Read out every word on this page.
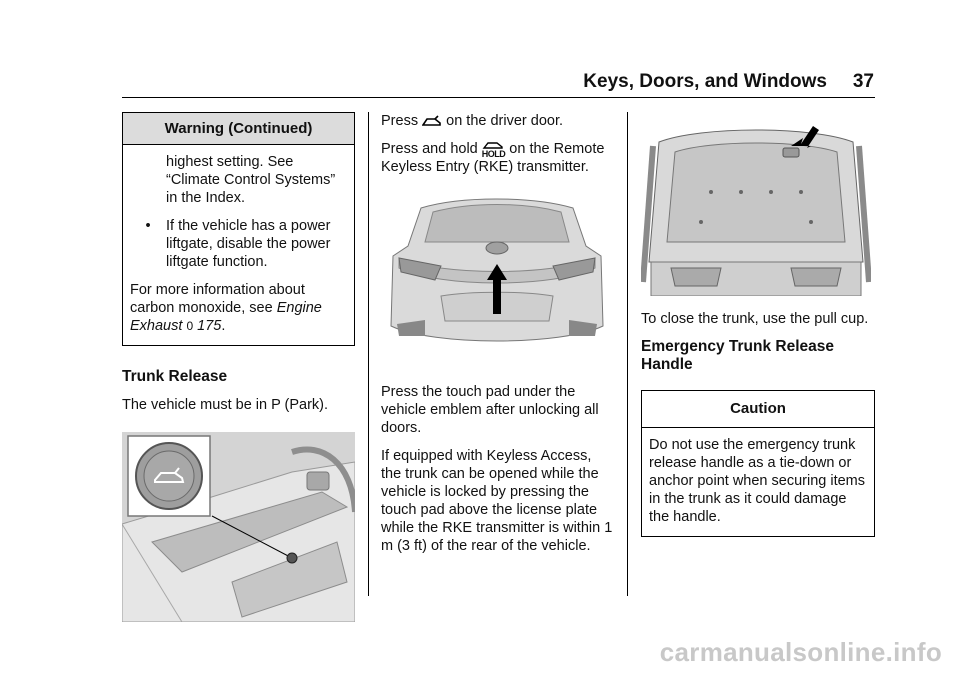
Keys, Doors, and Windows 37
Warning (Continued)

highest setting. See “Climate Control Systems” in the Index.

•	If the vehicle has a power liftgate, disable the power liftgate function.

For more information about carbon monoxide, see Engine Exhaust 0 175.

Trunk Release

The vehicle must be in P (Park).

Press on the driver door.

Press and hold HOLD on the Remote Keyless Entry (RKE) transmitter.

Press the touch pad under the vehicle emblem after unlocking all doors.

If equipped with Keyless Access, the trunk can be opened while the vehicle is locked by pressing the touch pad above the license plate while the RKE transmitter is within 1 m (3 ft) of the rear of the vehicle.

To close the trunk, use the pull cup.

Emergency Trunk Release Handle
Caution

Do not use the emergency trunk release handle as a tie-down or anchor point when securing items in the trunk as it could damage the handle.

carmanualsonline.info
